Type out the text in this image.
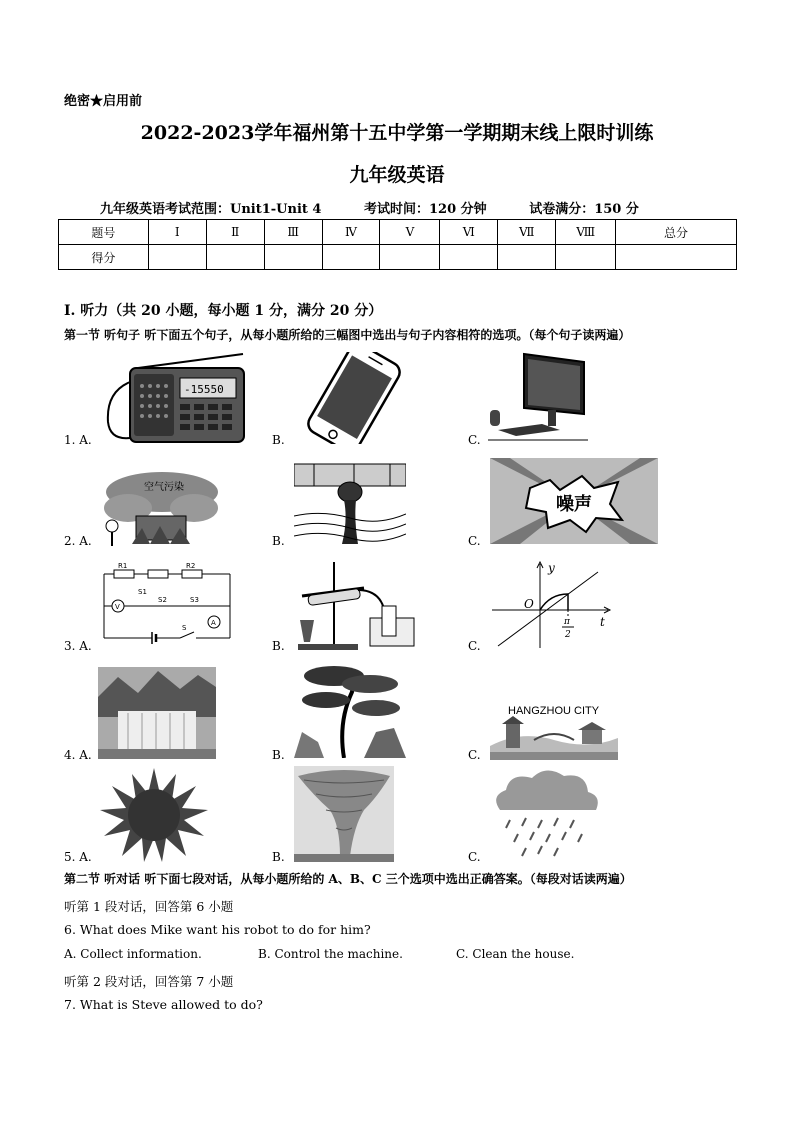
绝密★启用前
2022-2023学年福州第十五中学第一学期期末线上限时训练
九年级英语
九年级英语考试范围：Unit1-Unit 4	考试时间：120 分钟	试卷满分：150 分
题号	Ⅰ	Ⅱ	Ⅲ	Ⅳ	Ⅴ	Ⅵ	Ⅶ	Ⅷ	总分
得分									
Ⅰ. 听力（共 20 小题，每小题 1 分，满分 20 分）
第一节 听句子 听下面五个句子，从每小题所给的三幅图中选出与句子内容相符的选项。（每个句子读两遍）
1. A.
-15550
B.	C.
2. A.
空气污染
B.	C.
噪声
3. A.
R1	R2
V
A
S1
S2	S3
S
B.	C.
y
t
O
π
2
4. A.	B.	C.
HANGZHOU CITY
5. A.	B.	C.
第二节 听对话 听下面七段对话，从每小题所给的 A、B、C 三个选项中选出正确答案。（每段对话读两遍）
听第 1 段对话，回答第 6 小题
6. What does Mike want his robot to do for him?
A. Collect information.	B. Control the machine.	C. Clean the house.
听第 2 段对话，回答第 7 小题
7. What is Steve allowed to do?
